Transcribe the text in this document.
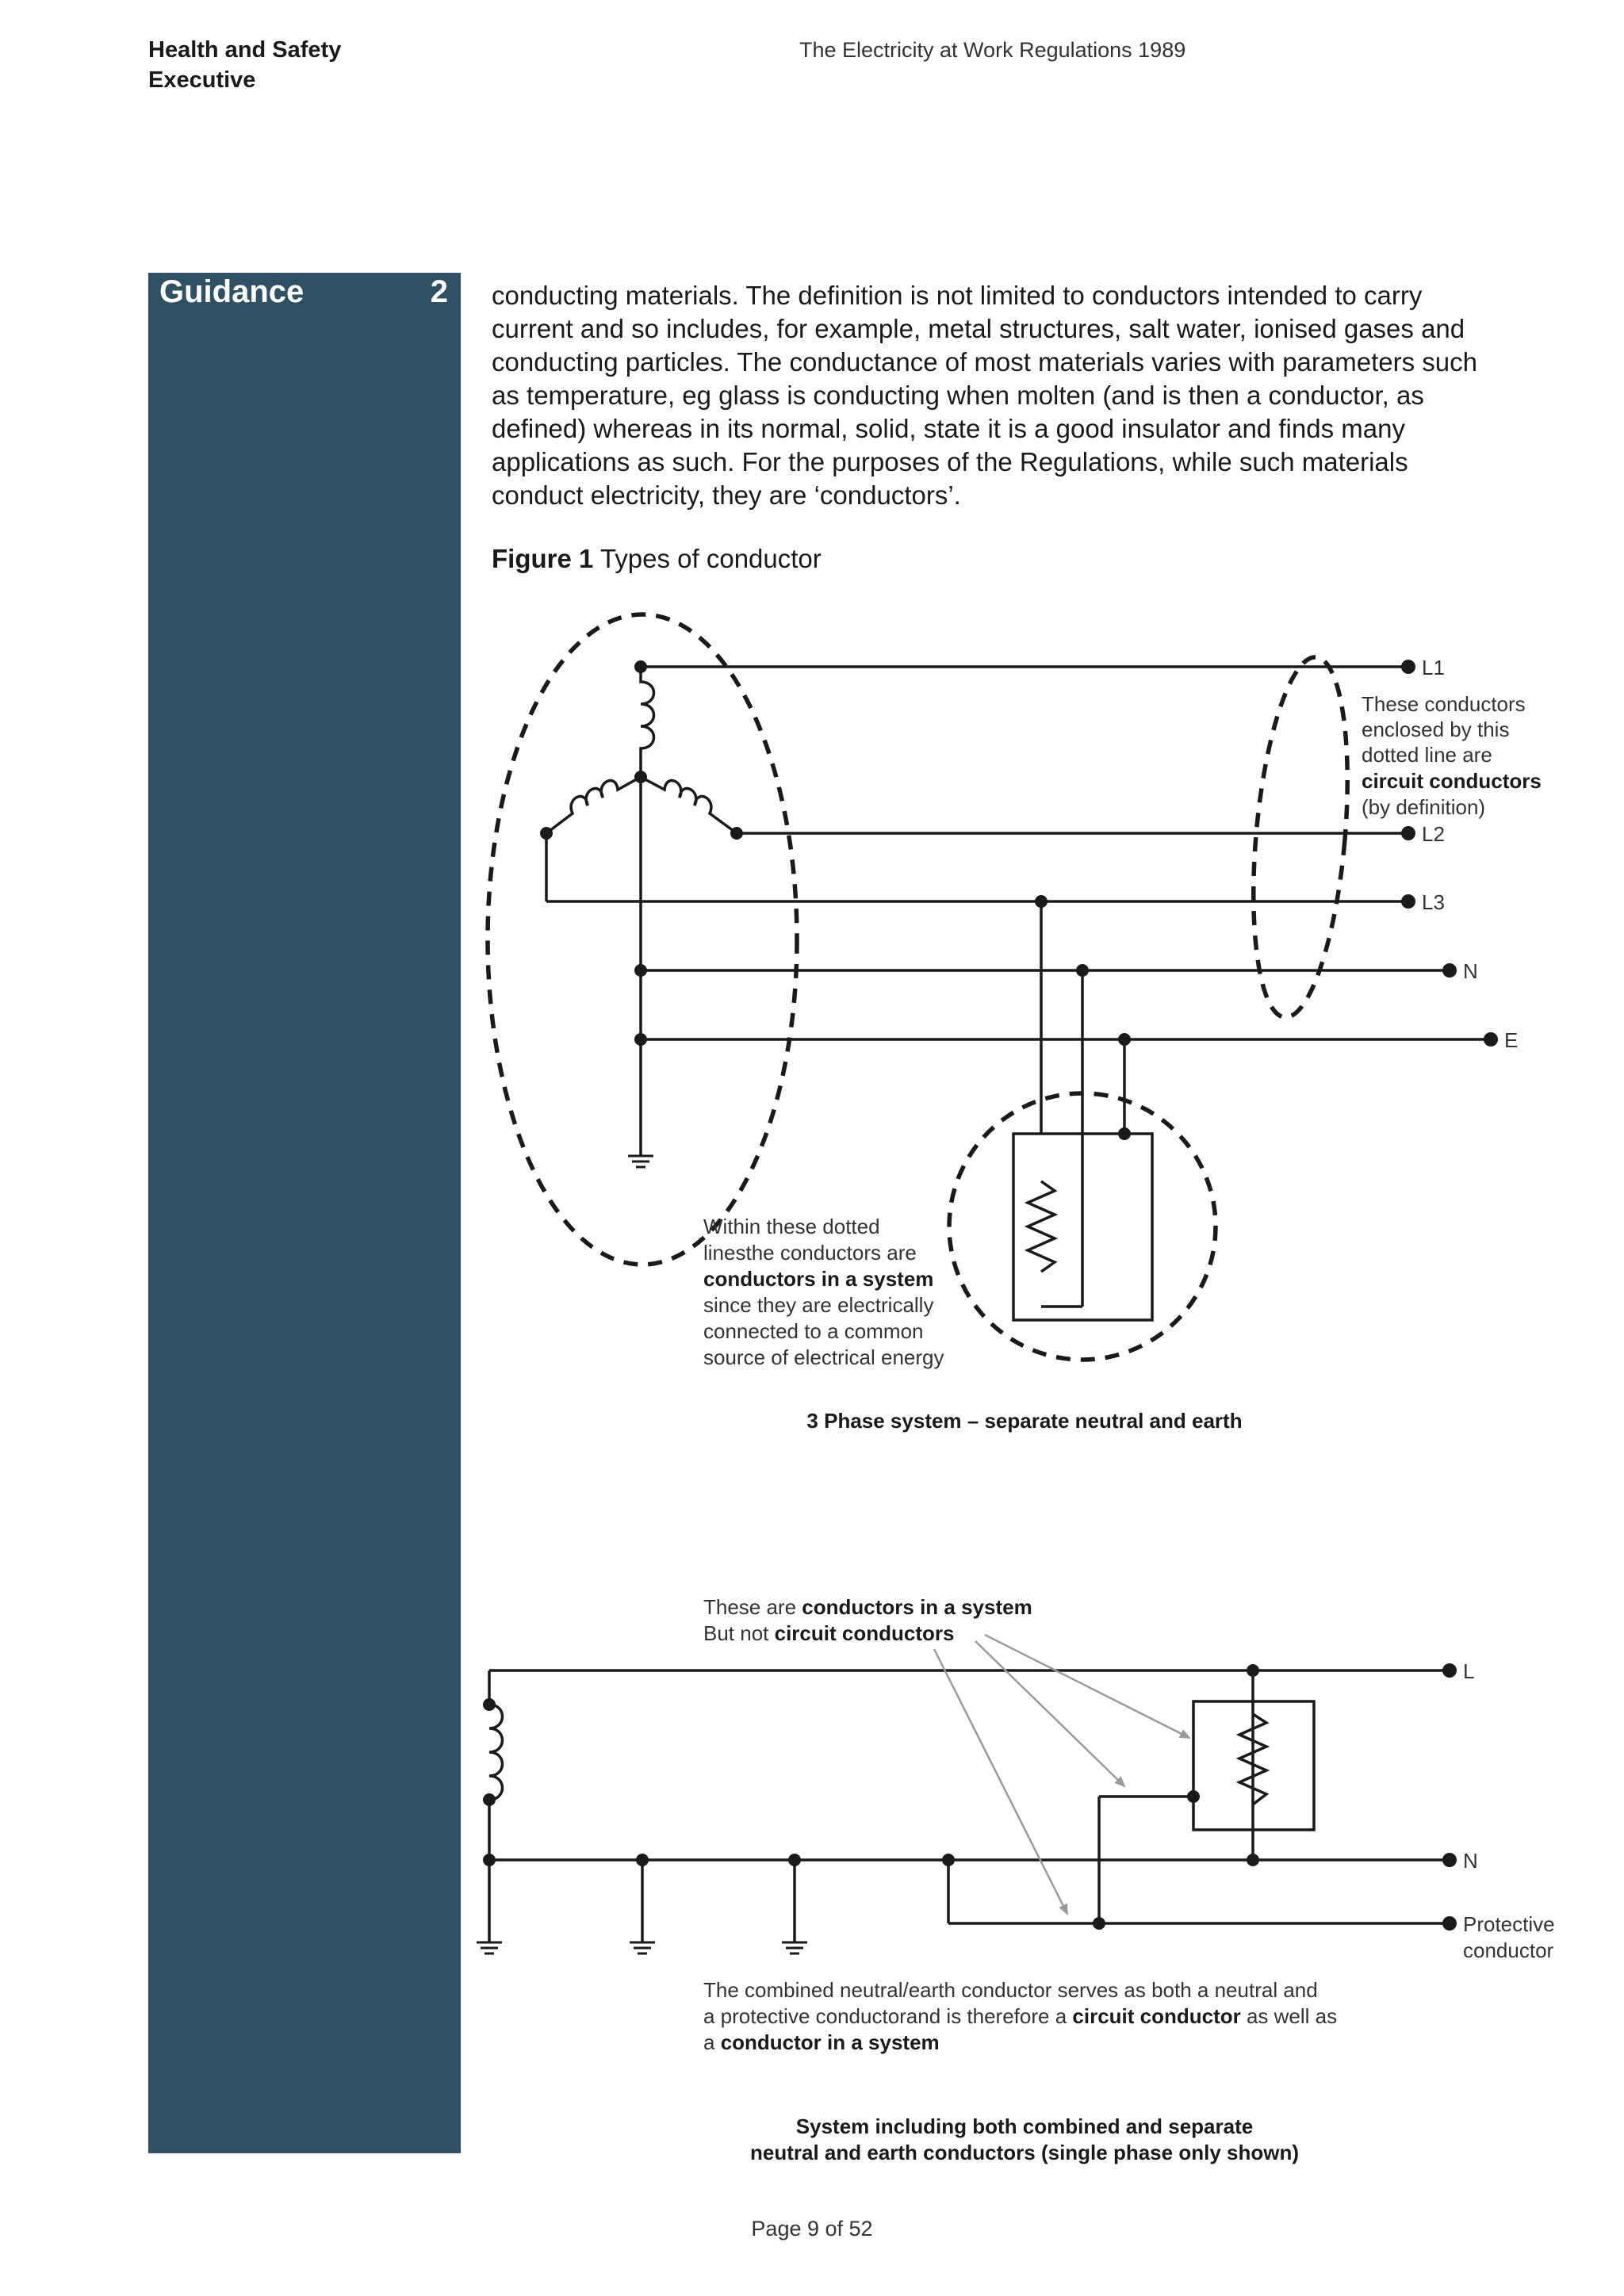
Health and Safety
Executive
The Electricity at Work Regulations 1989
Guidance	2 conducting materials. The definition is not limited to conductors intended to carry current and so includes, for example, metal structures, salt water, ionised gases and conducting particles. The conductance of most materials varies with parameters such as temperature, eg glass is conducting when molten (and is then a conductor, as defined) whereas in its normal, solid, state it is a good insulator and finds many applications as such. For the purposes of the Regulations, while such materials conduct electricity, they are ‘conductors’.

Figure 1 Types of conductor
L1
L2
L3
N
E
These conductors
enclosed by this
dotted line are
circuit conductors
(by definition)
Within these dotted
linesthe conductors are
conductors in a system
since they are electrically
connected to a common
source of electrical energy
3 Phase system – separate neutral and earth
L
N
Protective
conductor
These are conductors in a system
But not circuit conductors
The combined neutral/earth conductor serves as both a neutral and
a protective conductorand is therefore a circuit conductor as well as
a conductor in a system
System including both combined and separate
neutral and earth conductors (single phase only shown)
Page 9 of 52
